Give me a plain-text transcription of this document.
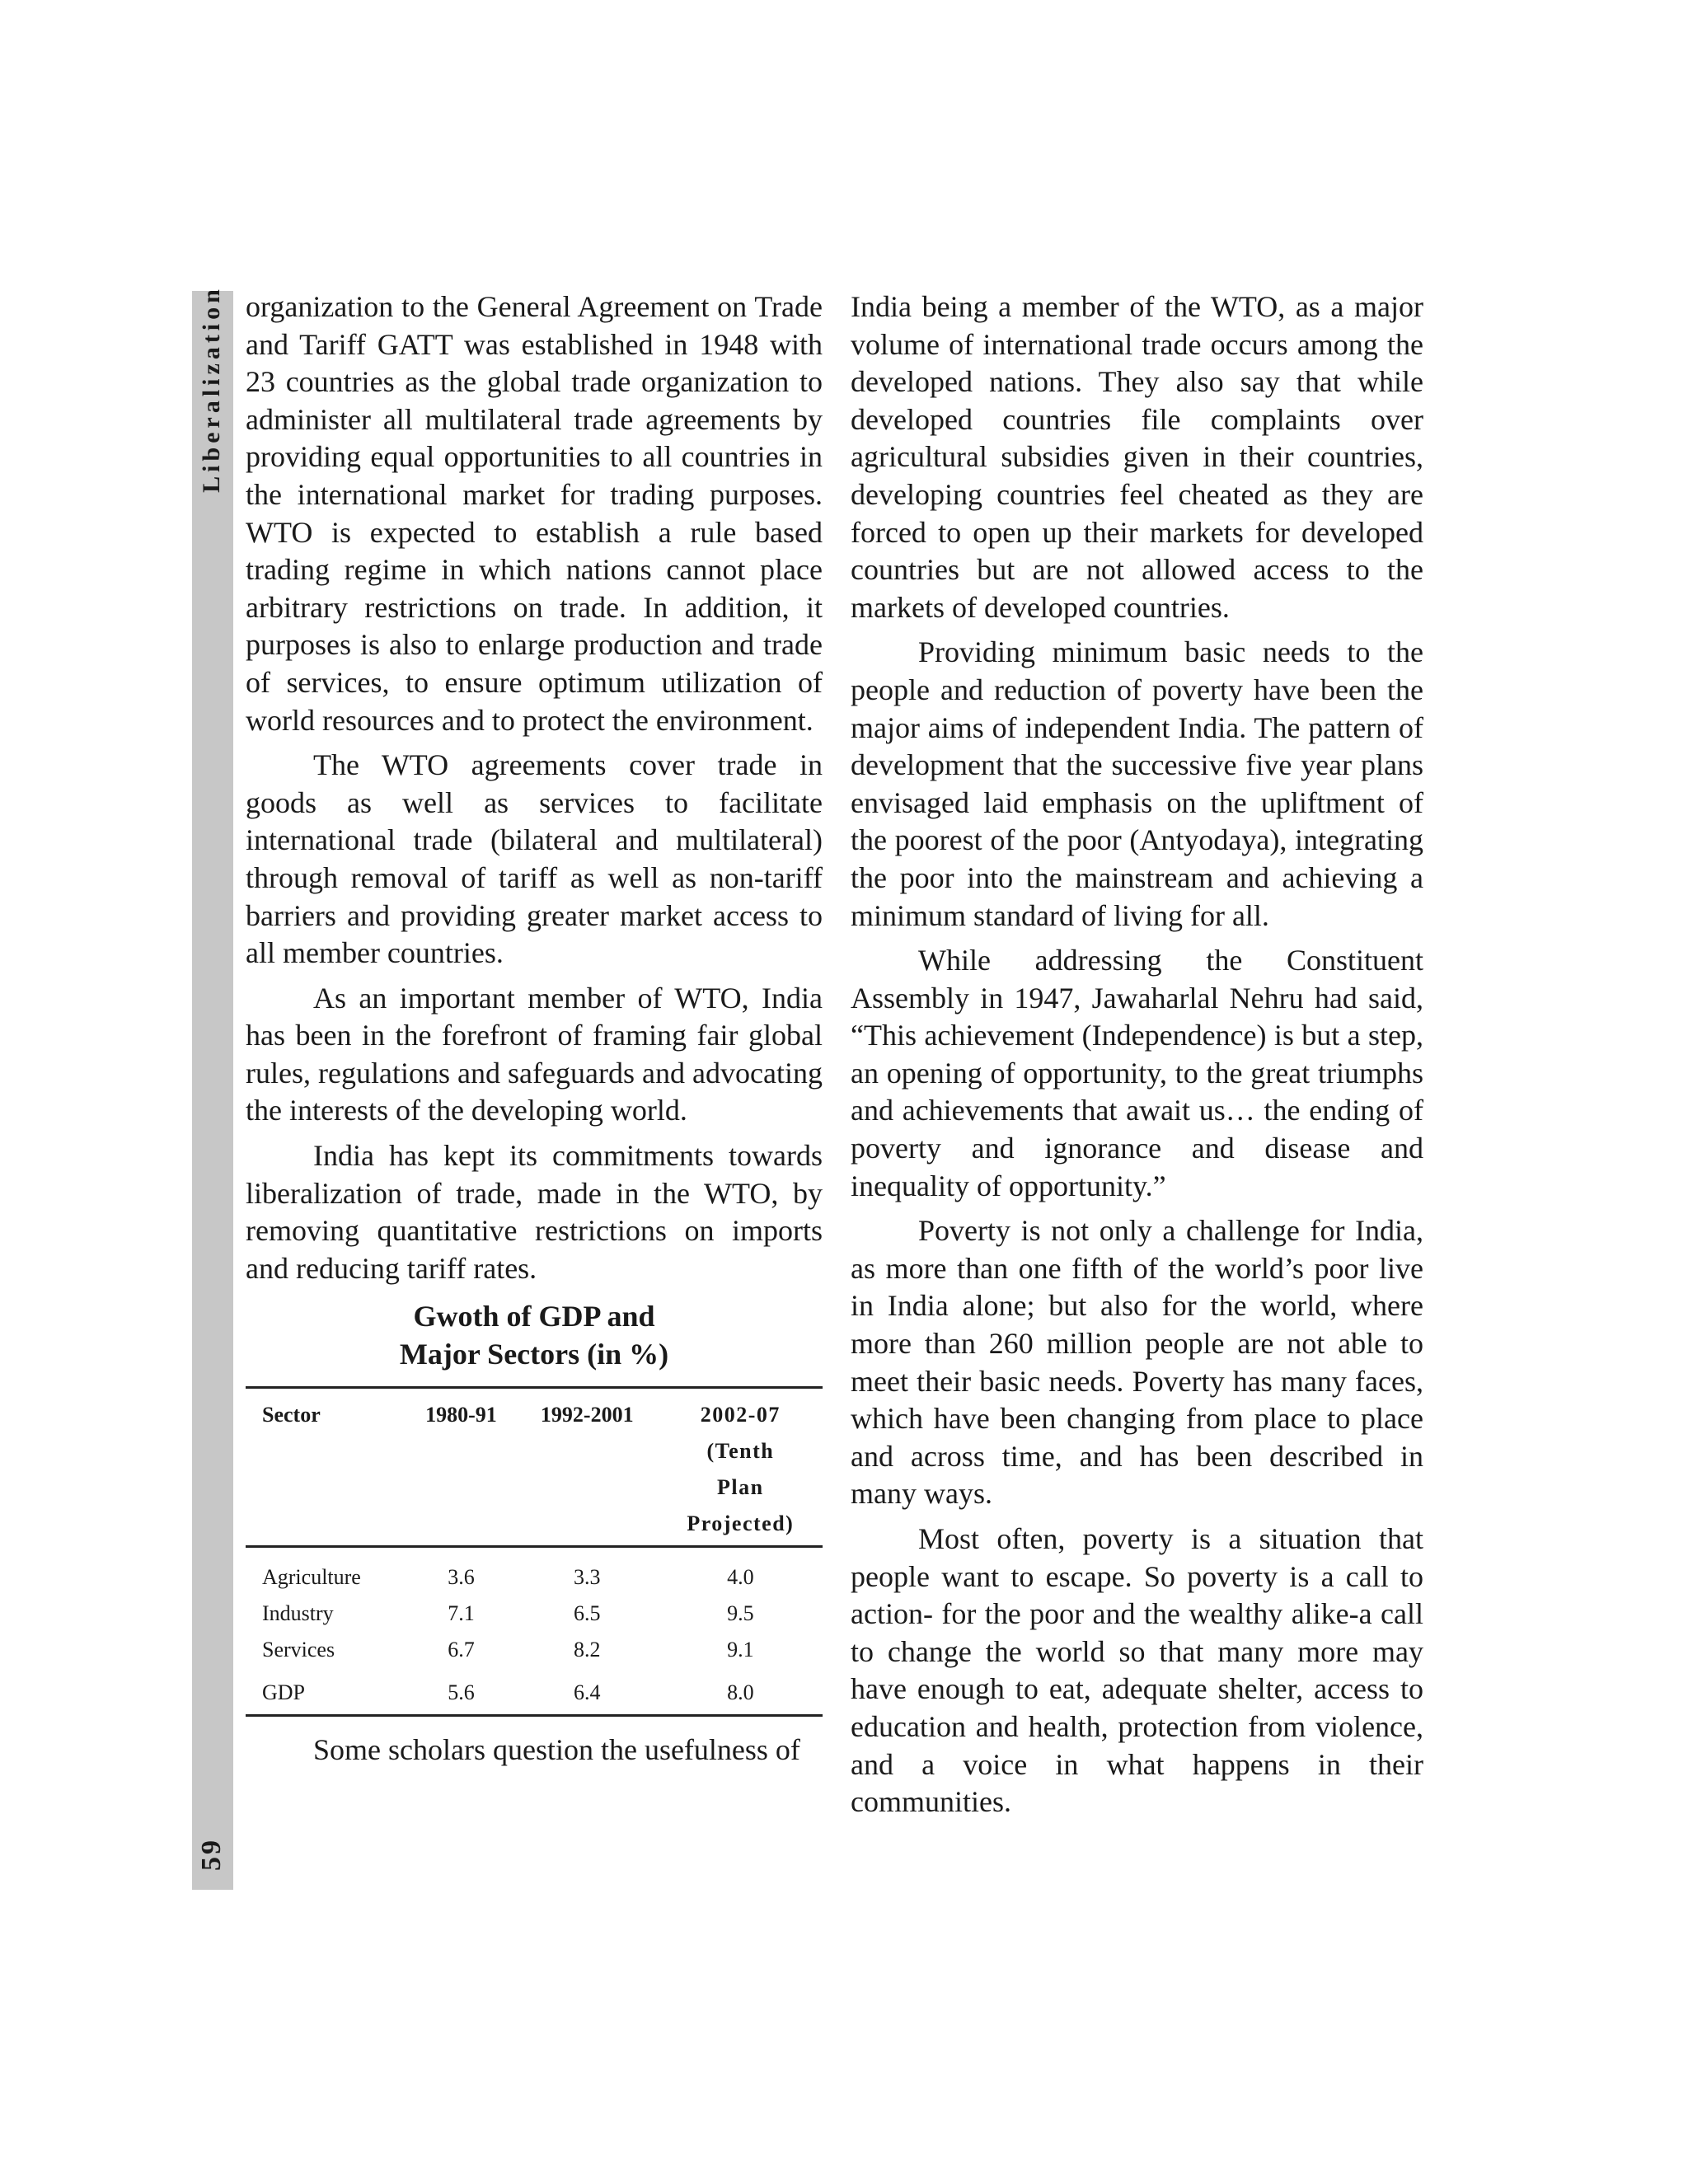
Liberalization
59

organization to the General Agreement on Trade and Tariff GATT was established in 1948 with 23 countries as the global trade organization to administer all multilateral trade agreements by providing equal opportunities to all countries in the international market for trading purposes. WTO is expected to establish a rule based trading regime in which nations cannot place arbitrary restrictions on trade. In addition, it purposes is also to enlarge production and trade of services, to ensure optimum utilization of world resources and to protect the environment.

The WTO agreements cover trade in goods as well as services to facilitate international trade (bilateral and multilateral) through removal of tariff as well as non-tariff barriers and providing greater market access to all member countries.

As an important member of WTO, India has been in the forefront of framing fair global rules, regulations and safeguards and advocating the interests of the developing world.

India has kept its commitments towards liberalization of trade, made in the WTO, by removing quantitative restrictions on imports and reducing tariff rates.

Gwoth of GDP and
Major Sectors (in %)
Sector	1980-91	1992-2001	2002-07
(Tenth
Plan
Projected)

Agriculture	3.6	3.3	4.0
Industry	7.1	6.5	9.5
Services	6.7	8.2	9.1
GDP	5.6	6.4	8.0

Some scholars question the usefulness of

India being a member of the WTO, as a major volume of international trade occurs among the developed nations. They also say that while developed countries file complaints over agricultural subsidies given in their countries, developing countries feel cheated as they are forced to open up their markets for developed countries but are not allowed access to the markets of developed countries.

Providing minimum basic needs to the people and reduction of poverty have been the major aims of independent India. The pattern of development that the successive five year plans envisaged laid emphasis on the upliftment of the poorest of the poor (Antyodaya), integrating the poor into the mainstream and achieving a minimum standard of living for all.

While addressing the Constituent Assembly in 1947, Jawaharlal Nehru had said, “This achievement (Independence) is but a step, an opening of opportunity, to the great triumphs and achievements that await us… the ending of poverty and ignorance and disease and inequality of opportunity.”

Poverty is not only a challenge for India, as more than one fifth of the world’s poor live in India alone; but also for the world, where more than 260 million people are not able to meet their basic needs. Poverty has many faces, which have been changing from place to place and across time, and has been described in many ways.

Most often, poverty is a situation that people want to escape. So poverty is a call to action- for the poor and the wealthy alike-a call to change the world so that many more may have enough to eat, adequate shelter, access to education and health, protection from violence, and a voice in what happens in their communities.
